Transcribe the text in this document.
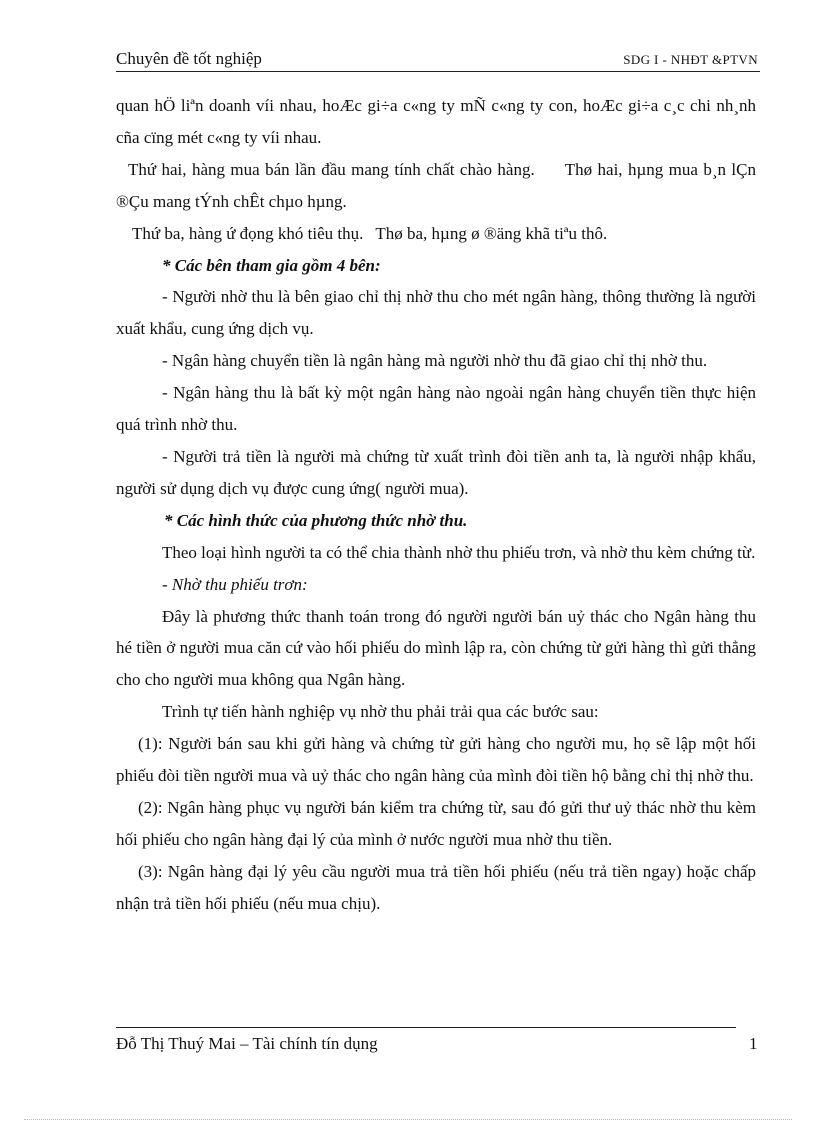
Chuyên đề tốt nghiệp	SDG I - NHĐT &PTVN

quan hÖ liªn doanh víi nhau, hoÆc gi÷a c«ng ty mÑ c«ng ty con, hoÆc gi÷a c¸c chi nh¸nh cña cïng mét c«ng ty víi nhau.

Thứ hai, hàng mua bán lần đầu mang tính chất chào hàng. Thø hai, hµng mua b¸n lÇn ®Çu mang tÝnh chÊt chµo hµng.

Thứ ba, hàng ứ đọng khó tiêu thụ. Thø ba, hµng ø ®äng khã tiªu thô.

* Các bên tham gia gồm 4 bên:

- Người nhờ thu là bên giao chỉ thị nhờ thu cho mét ngân hàng, thông thường là người xuất khẩu, cung ứng dịch vụ.

- Ngân hàng chuyển tiền là ngân hàng mà người nhờ thu đã giao chỉ thị nhờ thu.

- Ngân hàng thu là bất kỳ một ngân hàng nào ngoài ngân hàng chuyển tiền thực hiện quá trình nhờ thu.

- Người trả tiền là người mà chứng từ xuất trình đòi tiền anh ta, là người nhập khẩu, người sử dụng dịch vụ được cung ứng( người mua).

* Các hình thức của phương thức nhờ thu.

Theo loại hình người ta có thể chia thành nhờ thu phiếu trơn, và nhờ thu kèm chứng từ.

- Nhờ thu phiếu trơn:

Đây là phương thức thanh toán trong đó người người bán uỷ thác cho Ngân hàng thu hé tiền ở người mua căn cứ vào hối phiếu do mình lập ra, còn chứng từ gửi hàng thì gửi thẳng cho cho người mua không qua Ngân hàng.

Trình tự tiến hành nghiệp vụ nhờ thu phải trải qua các bước sau:

(1): Người bán sau khi gửi hàng và chứng từ gửi hàng cho người mu, họ sẽ lập một hối phiếu đòi tiền người mua và uỷ thác cho ngân hàng của mình đòi tiền hộ bằng chỉ thị nhờ thu.

(2): Ngân hàng phục vụ người bán kiểm tra chứng từ, sau đó gửi thư uỷ thác nhờ thu kèm hối phiếu cho ngân hàng đại lý của mình ở nước người mua nhờ thu tiền.

(3): Ngân hàng đại lý yêu cầu người mua trả tiền hối phiếu (nếu trả tiền ngay) hoặc chấp nhận trả tiền hối phiếu (nếu mua chịu).

Đỗ Thị Thuý Mai – Tài chính tín dụng	1
